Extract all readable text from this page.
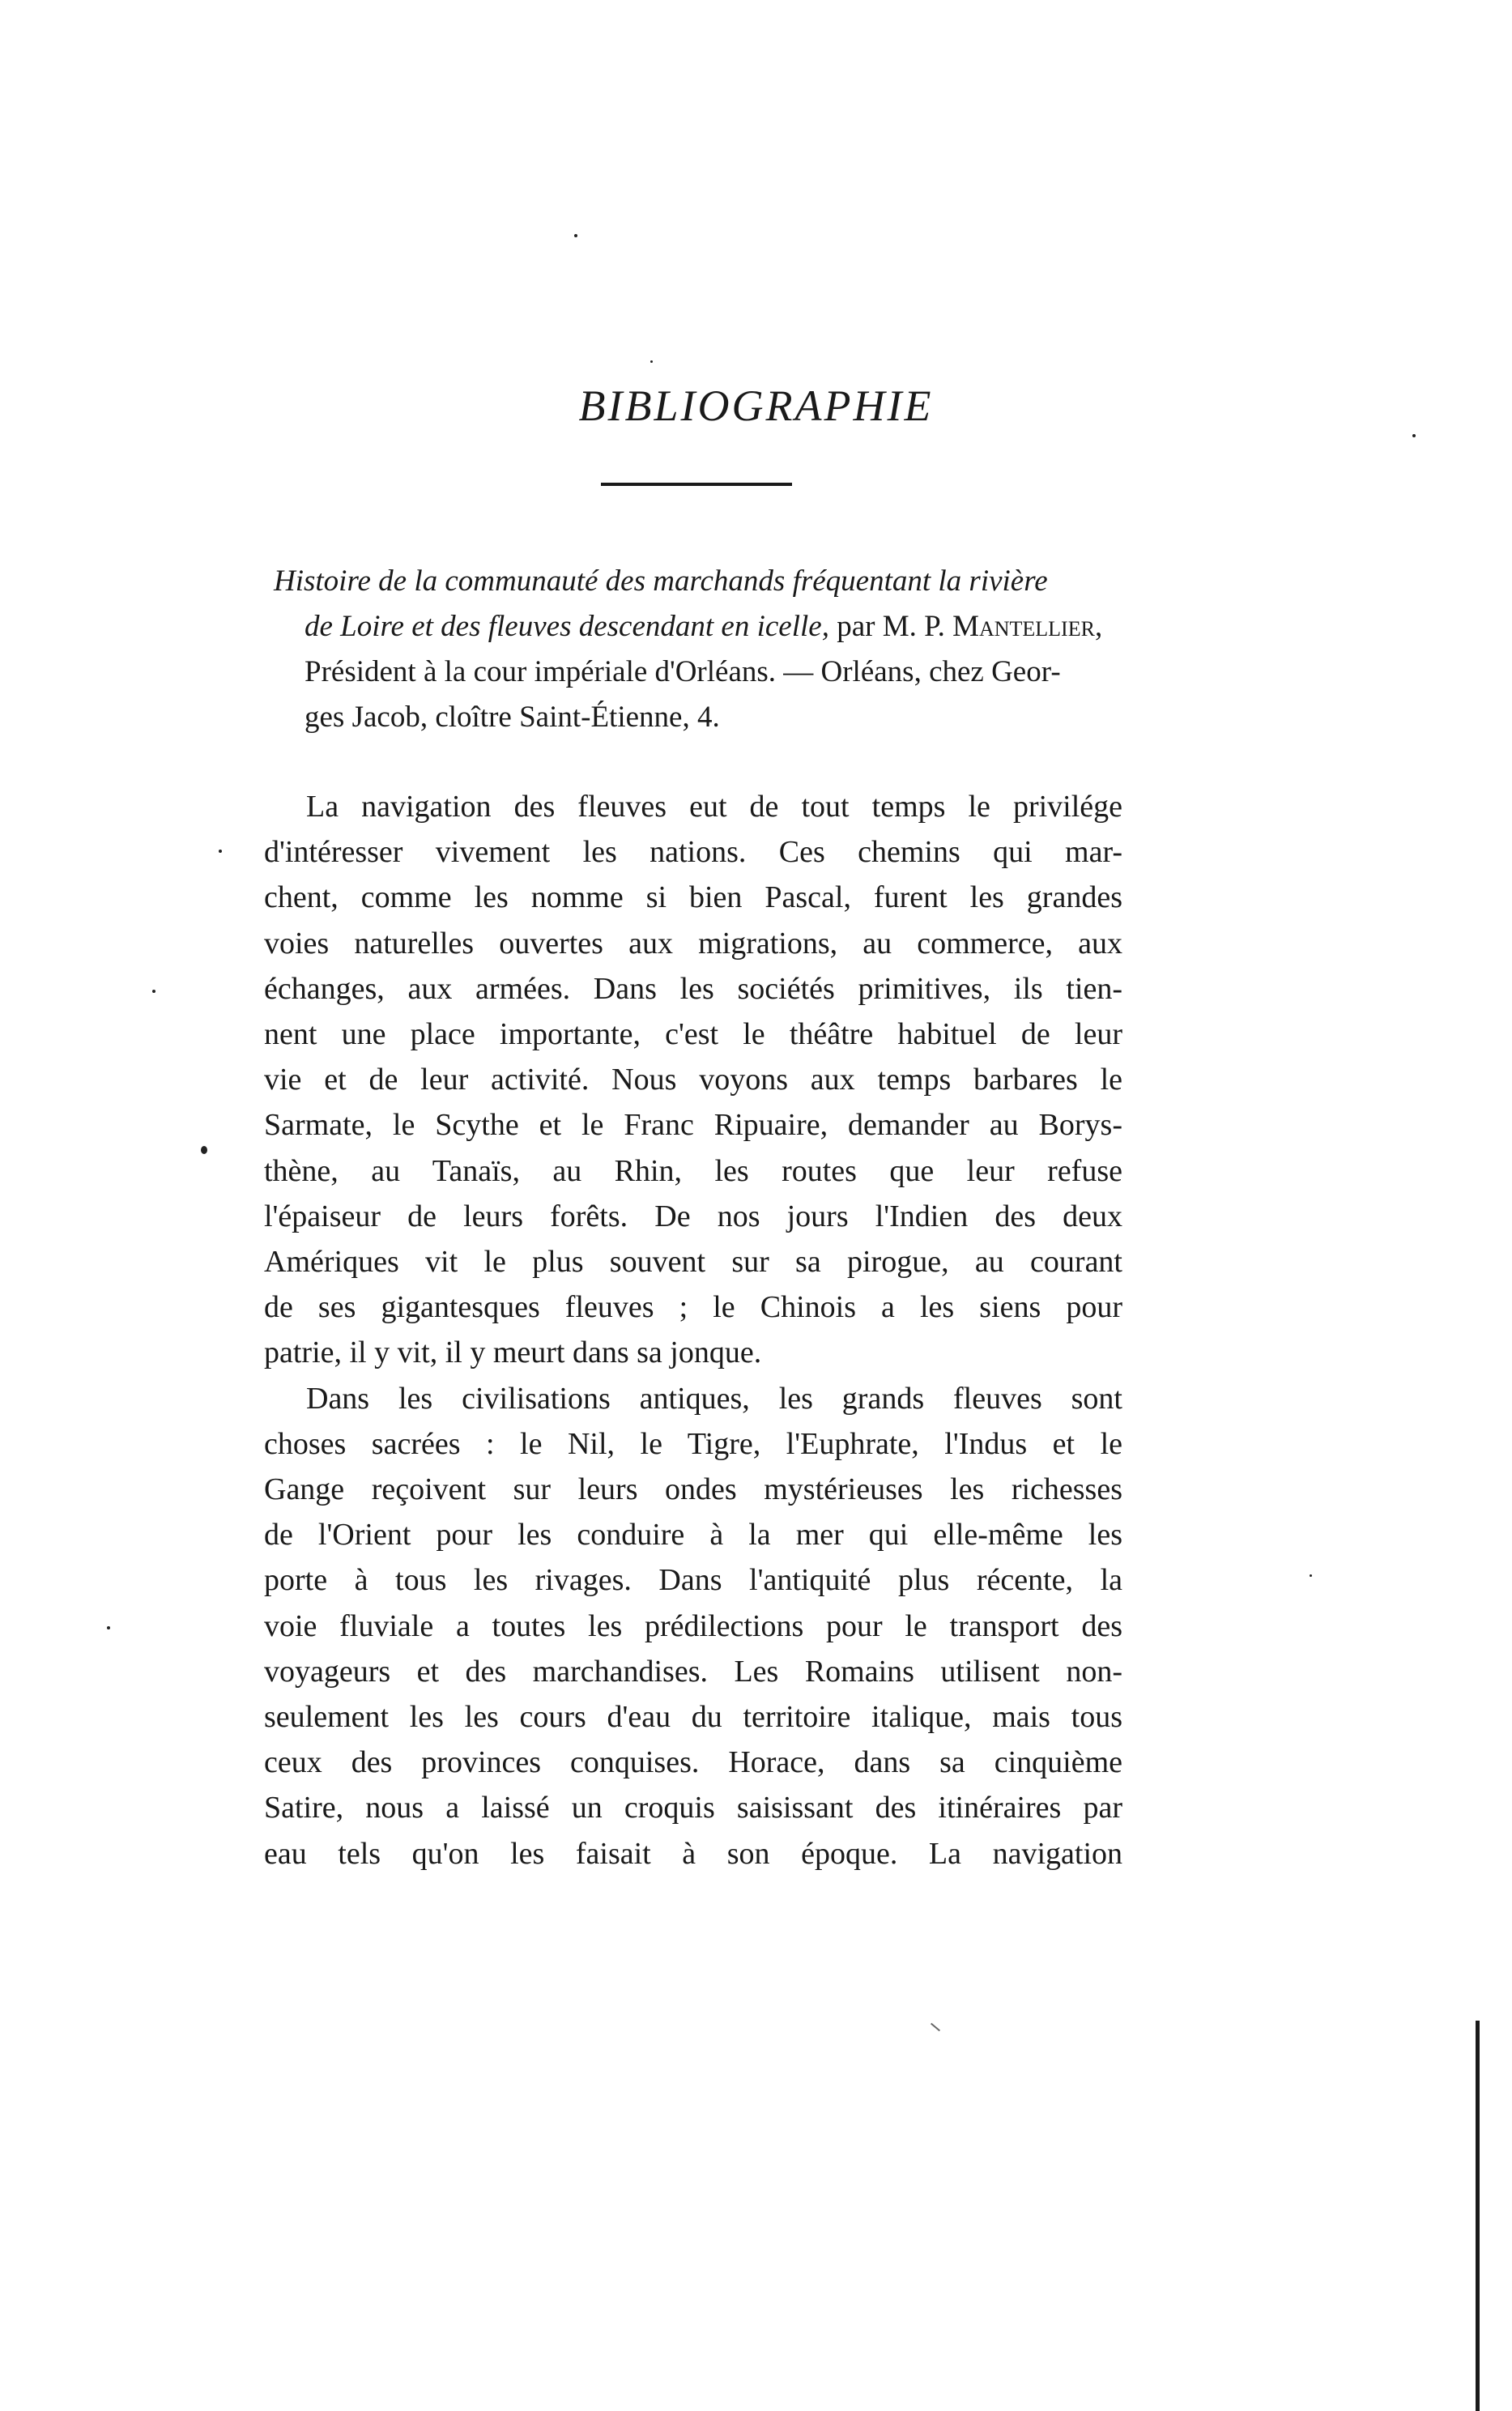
BIBLIOGRAPHIE
Histoire de la communauté des marchands fréquentant la rivière
de Loire et des fleuves descendant en icelle, par M. P. Mantellier,
Président à la cour impériale d'Orléans. — Orléans, chez Geor-
ges Jacob, cloître Saint-Étienne, 4.

La navigation des fleuves eut de tout temps le privilége
d'intéresser vivement les nations. Ces chemins qui mar-
chent, comme les nomme si bien Pascal, furent les grandes
voies naturelles ouvertes aux migrations, au commerce, aux
échanges, aux armées. Dans les sociétés primitives, ils tien-
nent une place importante, c'est le théâtre habituel de leur
vie et de leur activité. Nous voyons aux temps barbares le
Sarmate, le Scythe et le Franc Ripuaire, demander au Borys-
thène, au Tanaïs, au Rhin, les routes que leur refuse
l'épaiseur de leurs forêts. De nos jours l'Indien des deux
Amériques vit le plus souvent sur sa pirogue, au courant
de ses gigantesques fleuves ; le Chinois a les siens pour
patrie, il y vit, il y meurt dans sa jonque.

Dans les civilisations antiques, les grands fleuves sont
choses sacrées : le Nil, le Tigre, l'Euphrate, l'Indus et le
Gange reçoivent sur leurs ondes mystérieuses les richesses
de l'Orient pour les conduire à la mer qui elle-même les
porte à tous les rivages. Dans l'antiquité plus récente, la
voie fluviale a toutes les prédilections pour le transport des
voyageurs et des marchandises. Les Romains utilisent non-
seulement les les cours d'eau du territoire italique, mais tous
ceux des provinces conquises. Horace, dans sa cinquième
Satire, nous a laissé un croquis saisissant des itinéraires par
eau tels qu'on les faisait à son époque. La navigation
